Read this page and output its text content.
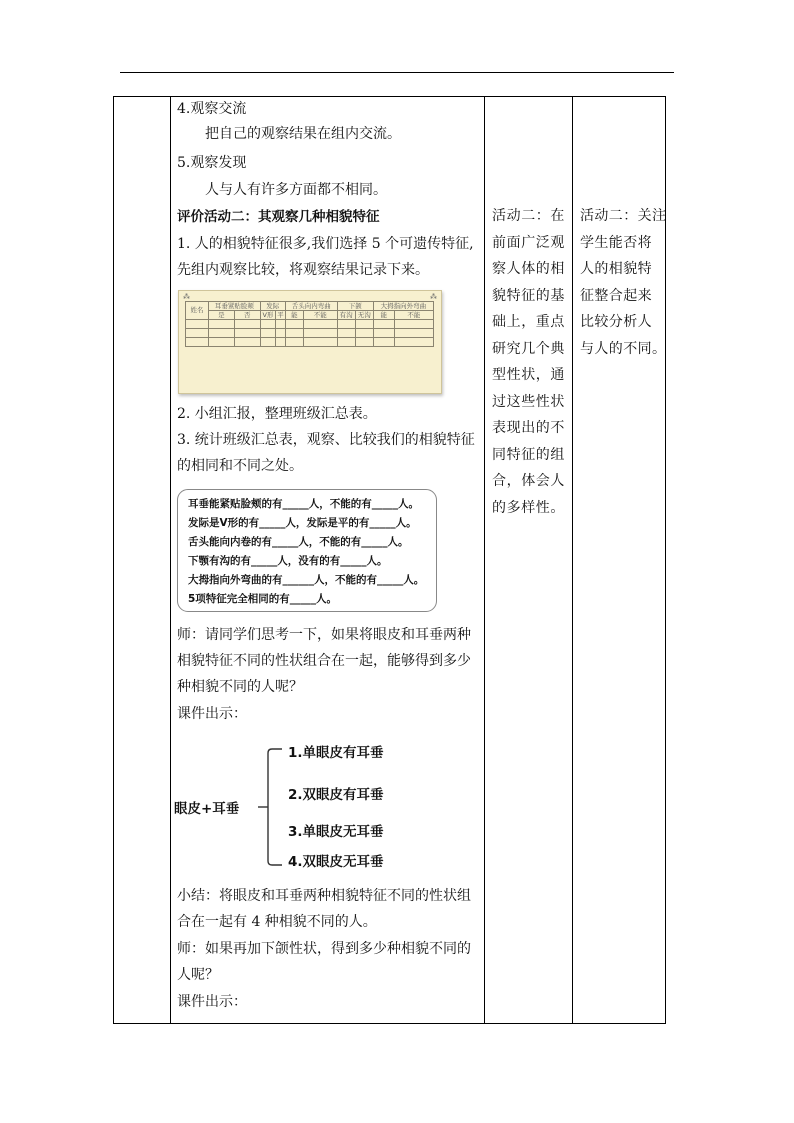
4.观察交流
把自己的观察结果在组内交流。
5.观察发现
人与人有许多方面都不相同。
评价活动二：其观察几种相貌特征
1. 人的相貌特征很多,我们选择 5 个可遗传特征,
先组内观察比较，将观察结果记录下来。
⁂	⁂
姓名	耳垂紧贴脸颊		发际		舌头向内弯曲		下颌		大拇指向外弯曲	
	是	否	V形	平	能	不能	有沟	无沟	能	不能

2. 小组汇报，整理班级汇总表。
3. 统计班级汇总表，观察、比较我们的相貌特征
的相同和不同之处。
耳垂能紧贴脸颊的有_____人，不能的有_____人。
发际是V形的有_____人，发际是平的有_____人。
舌头能向内卷的有_____人，不能的有_____人。
下颚有沟的有_____人，没有的有_____人。
大拇指向外弯曲的有______人，不能的有_____人。
5项特征完全相同的有_____人。
师：请同学们思考一下，如果将眼皮和耳垂两种
相貌特征不同的性状组合在一起，能够得到多少
种相貌不同的人呢？
课件出示：
眼皮+耳垂
1.单眼皮有耳垂
2.双眼皮有耳垂
3.单眼皮无耳垂
4.双眼皮无耳垂
小结：将眼皮和耳垂两种相貌特征不同的性状组
合在一起有 4 种相貌不同的人。
师：如果再加下颌性状，得到多少种相貌不同的
人呢？
课件出示：
活动二：在
前面广泛观
察人体的相
貌特征的基
础上，重点
研究几个典
型性状，通
过这些性状
表现出的不
同特征的组
合，体会人
的多样性。
活动二：关注
学生能否将
人的相貌特
征整合起来
比较分析人
与人的不同。
